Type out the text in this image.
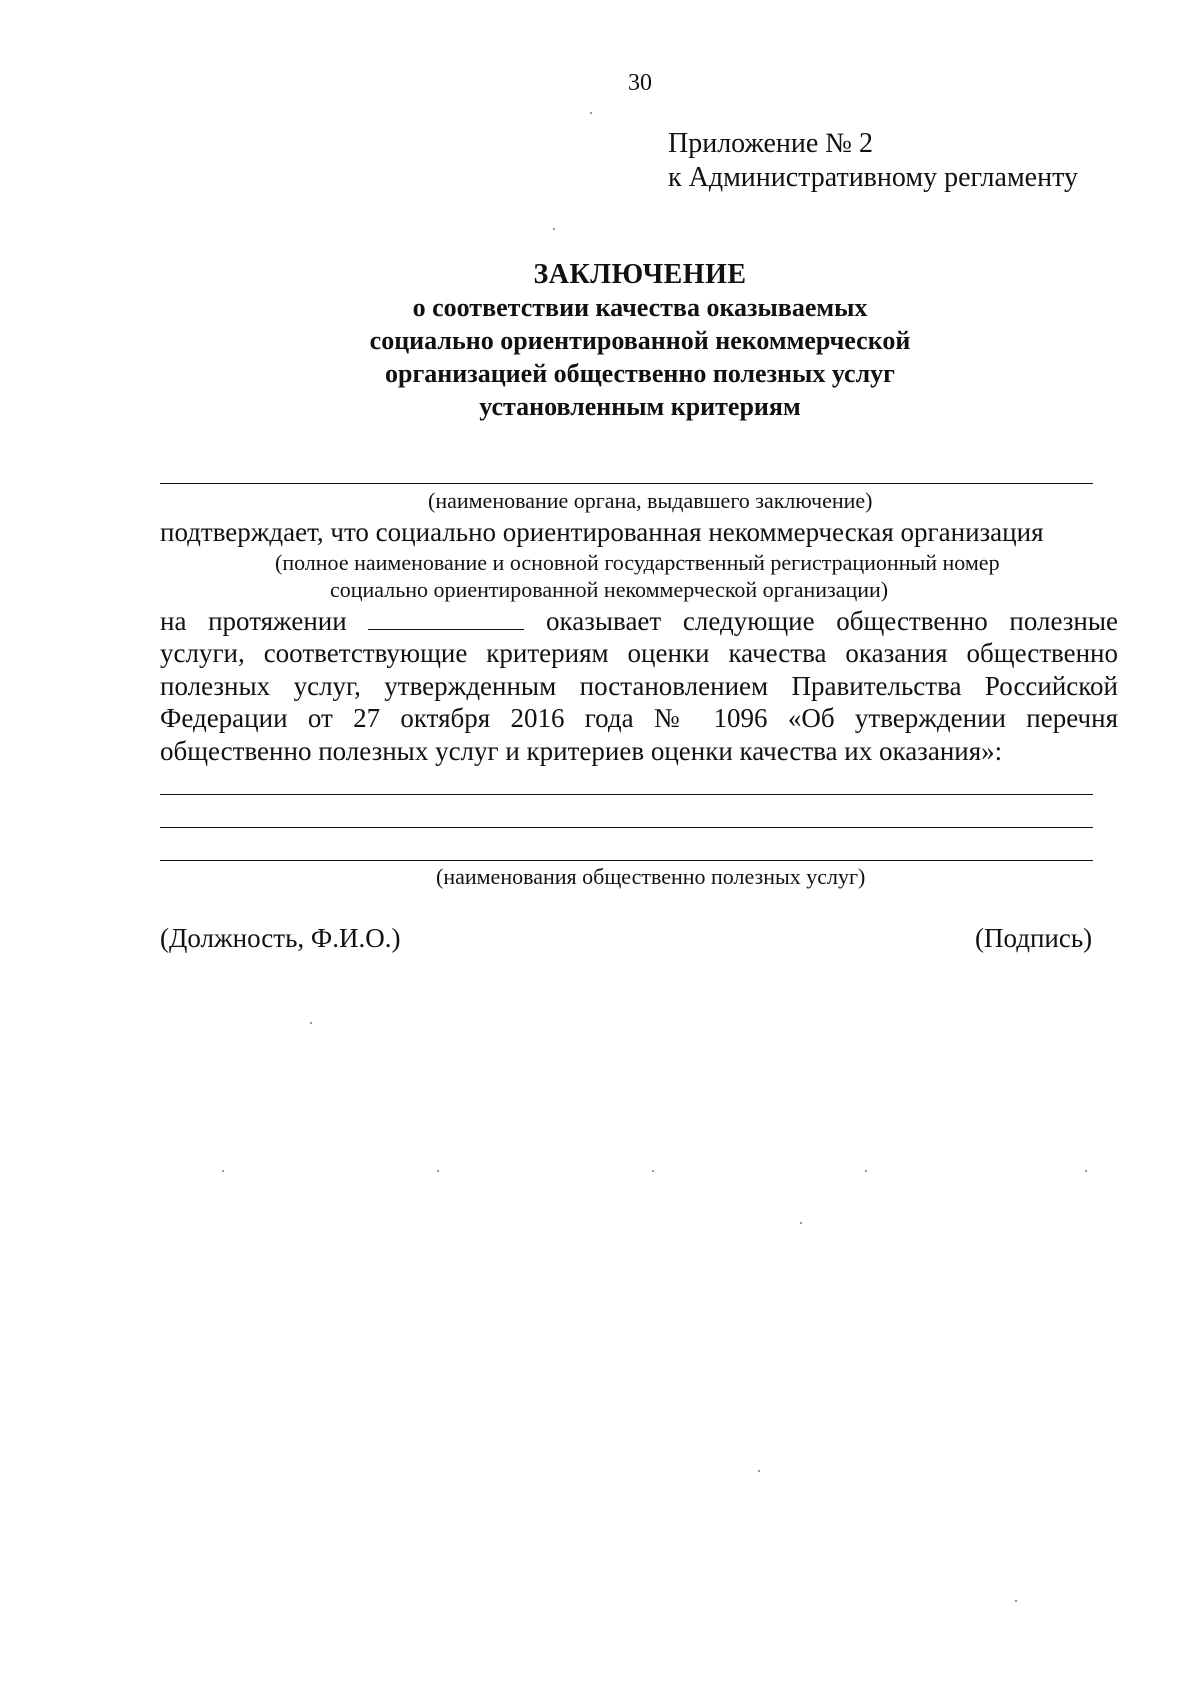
30
Приложение № 2
к Административному регламенту
ЗАКЛЮЧЕНИЕ
о соответствии качества оказываемых
социально ориентированной некоммерческой
организацией общественно полезных услуг
установленным критериям
(наименование органа, выдавшего заключение)
подтверждает, что социально ориентированная некоммерческая организация
(полное наименование и основной государственный регистрационный номер
социально ориентированной некоммерческой организации)
на протяжении	оказывает следующие общественно полезные
услуги, соответствующие критериям оценки качества оказания общественно полезных услуг, утвержденным постановлением Правительства Российской Федерации от 27 октября 2016 года № 1096 «Об утверждении перечня общественно полезных услуг и критериев оценки качества их оказания»:
(наименования общественно полезных услуг)
(Должность, Ф.И.О.)	(Подпись)
